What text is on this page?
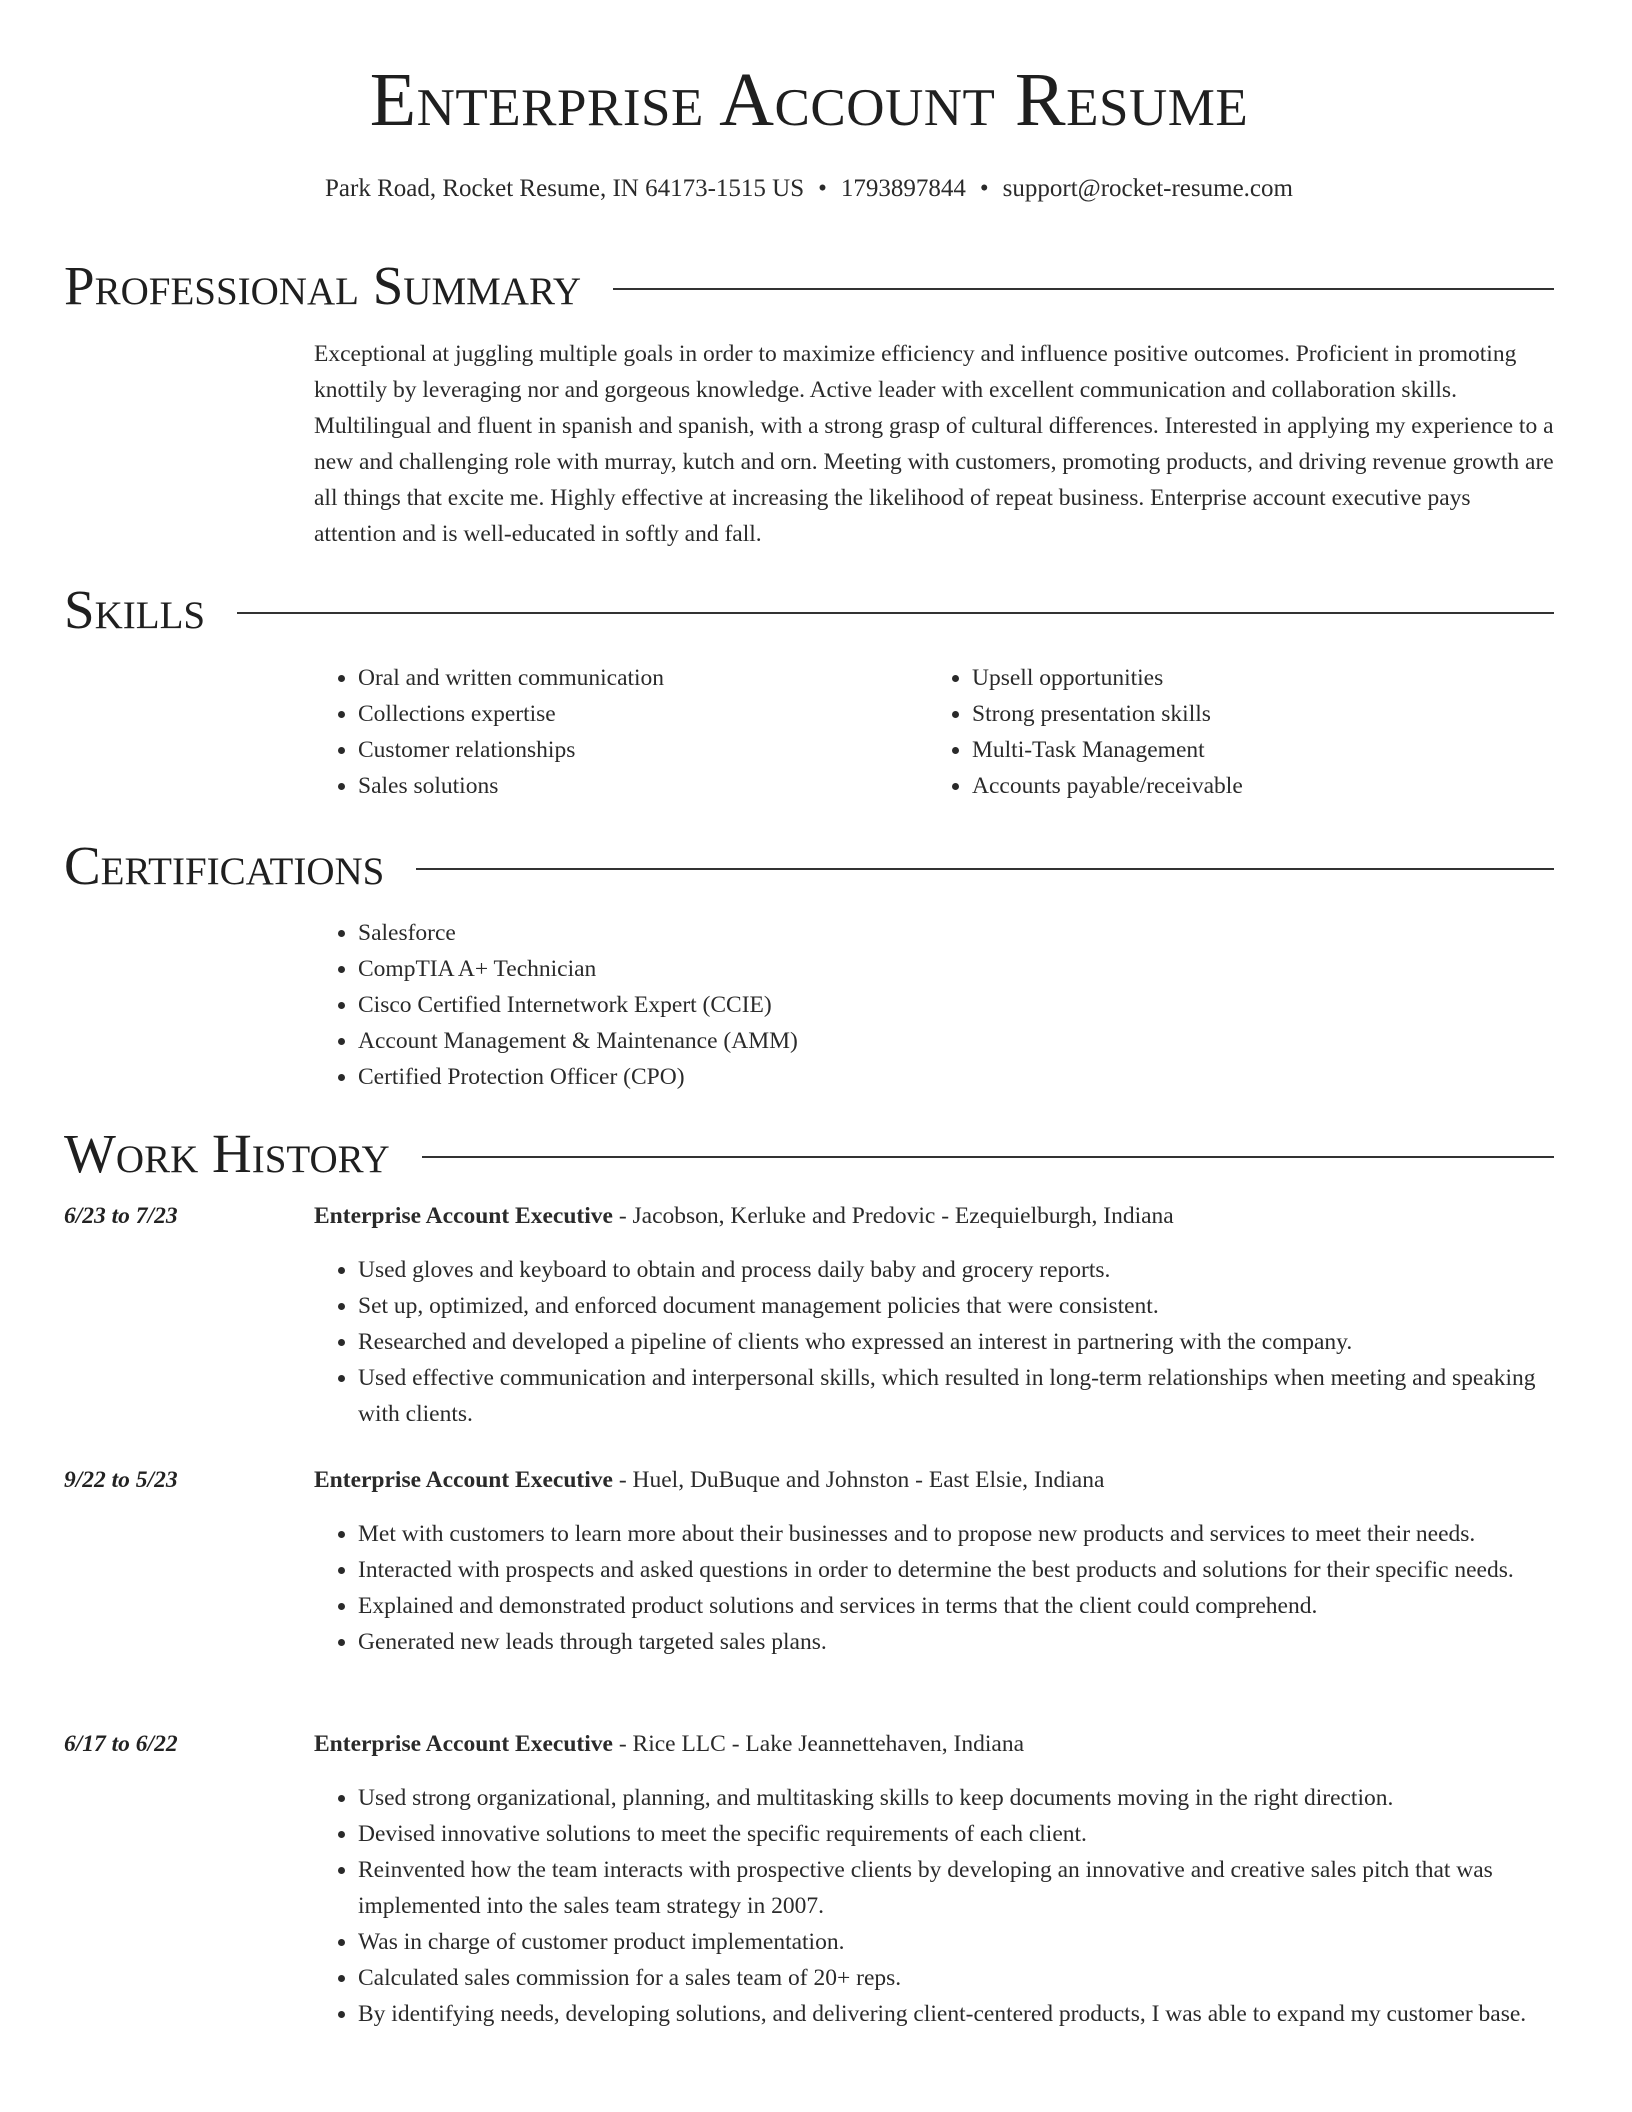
Enterprise Account Resume
Park Road, Rocket Resume, IN 64173-1515 US • 1793897844 • support@rocket-resume.com
Professional Summary
Exceptional at juggling multiple goals in order to maximize efficiency and influence positive outcomes. Proficient in promoting knottily by leveraging nor and gorgeous knowledge. Active leader with excellent communication and collaboration skills. Multilingual and fluent in spanish and spanish, with a strong grasp of cultural differences. Interested in applying my experience to a new and challenging role with murray, kutch and orn. Meeting with customers, promoting products, and driving revenue growth are all things that excite me. Highly effective at increasing the likelihood of repeat business. Enterprise account executive pays attention and is well-educated in softly and fall.
Skills
• Oral and written communication
• Collections expertise
• Customer relationships
• Sales solutions
• Upsell opportunities
• Strong presentation skills
• Multi-Task Management
• Accounts payable/receivable
Certifications
• Salesforce
• CompTIA A+ Technician
• Cisco Certified Internetwork Expert (CCIE)
• Account Management & Maintenance (AMM)
• Certified Protection Officer (CPO)
Work History
6/23 to 7/23	Enterprise Account Executive - Jacobson, Kerluke and Predovic - Ezequielburgh, Indiana
• Used gloves and keyboard to obtain and process daily baby and grocery reports.
• Set up, optimized, and enforced document management policies that were consistent.
• Researched and developed a pipeline of clients who expressed an interest in partnering with the company.
• Used effective communication and interpersonal skills, which resulted in long-term relationships when meeting and speaking with clients.
9/22 to 5/23	Enterprise Account Executive - Huel, DuBuque and Johnston - East Elsie, Indiana
• Met with customers to learn more about their businesses and to propose new products and services to meet their needs.
• Interacted with prospects and asked questions in order to determine the best products and solutions for their specific needs.
• Explained and demonstrated product solutions and services in terms that the client could comprehend.
• Generated new leads through targeted sales plans.
6/17 to 6/22	Enterprise Account Executive - Rice LLC - Lake Jeannettehaven, Indiana
• Used strong organizational, planning, and multitasking skills to keep documents moving in the right direction.
• Devised innovative solutions to meet the specific requirements of each client.
• Reinvented how the team interacts with prospective clients by developing an innovative and creative sales pitch that was implemented into the sales team strategy in 2007.
• Was in charge of customer product implementation.
• Calculated sales commission for a sales team of 20+ reps.
• By identifying needs, developing solutions, and delivering client-centered products, I was able to expand my customer base.
